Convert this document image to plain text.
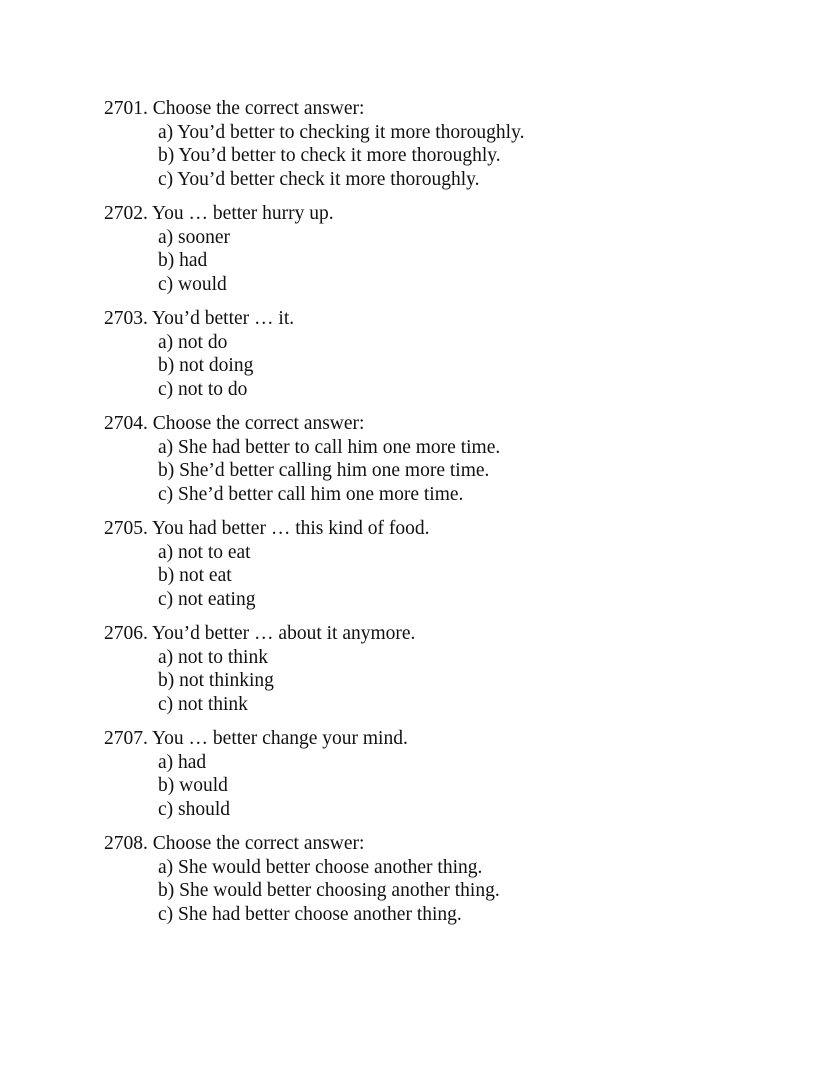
2701. Choose the correct answer:
a) You’d better to checking it more thoroughly.
b) You’d better to check it more thoroughly.
c) You’d better check it more thoroughly.
2702. You … better hurry up.
a) sooner
b) had
c) would
2703. You’d better … it.
a) not do
b) not doing
c) not to do
2704. Choose the correct answer:
a) She had better to call him one more time.
b) She’d better calling him one more time.
c) She’d better call him one more time.
2705. You had better … this kind of food.
a) not to eat
b) not eat
c) not eating
2706. You’d better … about it anymore.
a) not to think
b) not thinking
c) not think
2707. You … better change your mind.
a) had
b) would
c) should
2708. Choose the correct answer:
a) She would better choose another thing.
b) She would better choosing another thing.
c) She had better choose another thing.
